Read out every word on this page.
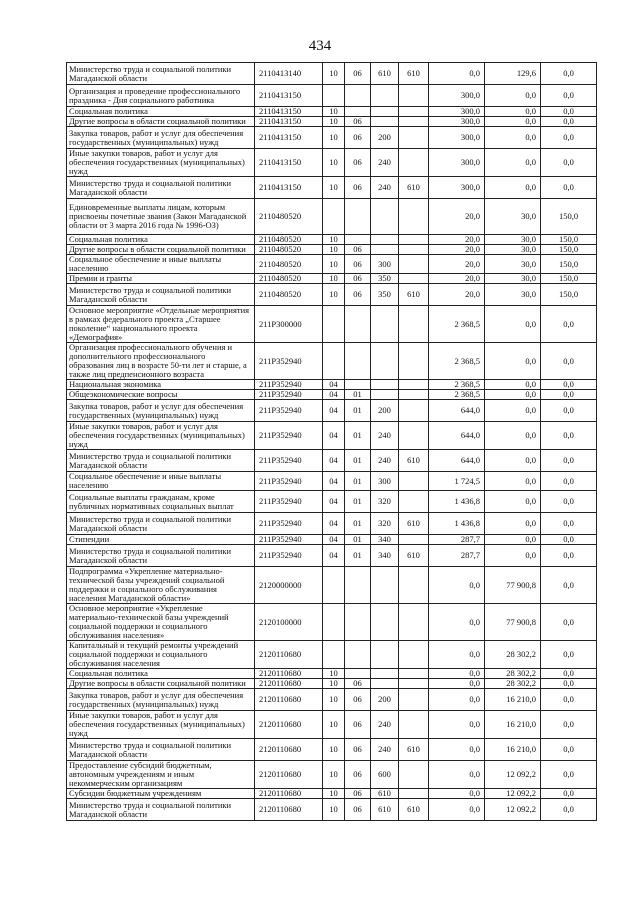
434
Министерство труда и социальной политики Магаданской области	2110413140	10	06	610	610	0,0	129,6	0,0
Организация и проведение профессионального праздника - Дня социального работника	2110413150					300,0	0,0	0,0
Социальная политика	2110413150	10				300,0	0,0	0,0
Другие вопросы в области социальной политики	2110413150	10	06			300,0	0,0	0,0
Закупка товаров, работ и услуг для обеспечения государственных (муниципальных) нужд	2110413150	10	06	200		300,0	0,0	0,0
Иные закупки товаров, работ и услуг для обеспечения государственных (муниципальных) нужд	2110413150	10	06	240		300,0	0,0	0,0
Министерство труда и социальной политики Магаданской области	2110413150	10	06	240	610	300,0	0,0	0,0
Единовременные выплаты лицам, которым присвоены почетные звания (Закон Магаданской области от 3 марта 2016 года № 1996-ОЗ)	2110480520					20,0	30,0	150,0
Социальная политика	2110480520	10				20,0	30,0	150,0
Другие вопросы в области социальной политики	2110480520	10	06			20,0	30,0	150,0
Социальное обеспечение и иные выплаты населению	2110480520	10	06	300		20,0	30,0	150,0
Премии и гранты	2110480520	10	06	350		20,0	30,0	150,0
Министерство труда и социальной политики Магаданской области	2110480520	10	06	350	610	20,0	30,0	150,0
Основное мероприятие «Отдельные мероприятия в рамках федерального проекта „Старшее поколение“ национального проекта «Демография»	211P300000					2 368,5	0,0	0,0
Организация профессионального обучения и дополнительного профессионального образования лиц в возрасте 50-ти лет и старше, а также лиц предпенсионного возраста	211P352940					2 368,5	0,0	0,0
Национальная экономика	211P352940	04				2 368,5	0,0	0,0
Общеэкономические вопросы	211P352940	04	01			2 368,5	0,0	0,0
Закупка товаров, работ и услуг для обеспечения государственных (муниципальных) нужд	211P352940	04	01	200		644,0	0,0	0,0
Иные закупки товаров, работ и услуг для обеспечения государственных (муниципальных) нужд	211P352940	04	01	240		644,0	0,0	0,0
Министерство труда и социальной политики Магаданской области	211P352940	04	01	240	610	644,0	0,0	0,0
Социальное обеспечение и иные выплаты населению	211P352940	04	01	300		1 724,5	0,0	0,0
Социальные выплаты гражданам, кроме публичных нормативных социальных выплат	211P352940	04	01	320		1 436,8	0,0	0,0
Министерство труда и социальной политики Магаданской области	211P352940	04	01	320	610	1 436,8	0,0	0,0
Стипендии	211P352940	04	01	340		287,7	0,0	0,0
Министерство труда и социальной политики Магаданской области	211P352940	04	01	340	610	287,7	0,0	0,0
Подпрограмма «Укрепление материально-технической базы учреждений социальной поддержки и социального обслуживания населения Магаданской области»	2120000000					0,0	77 900,8	0,0
Основное мероприятие «Укрепление материально-технической базы учреждений социальной поддержки и социального обслуживания населения»	2120100000					0,0	77 900,8	0,0
Капитальный и текущий ремонты учреждений социальной поддержки и социального обслуживания населения	2120110680					0,0	28 302,2	0,0
Социальная политика	2120110680	10				0,0	28 302,2	0,0
Другие вопросы в области социальной политики	2120110680	10	06			0,0	28 302,2	0,0
Закупка товаров, работ и услуг для обеспечения государственных (муниципальных) нужд	2120110680	10	06	200		0,0	16 210,0	0,0
Иные закупки товаров, работ и услуг для обеспечения государственных (муниципальных) нужд	2120110680	10	06	240		0,0	16 210,0	0,0
Министерство труда и социальной политики Магаданской области	2120110680	10	06	240	610	0,0	16 210,0	0,0
Предоставление субсидий бюджетным, автономным учреждениям и иным некоммерческим организациям	2120110680	10	06	600		0,0	12 092,2	0,0
Субсидии бюджетным учреждениям	2120110680	10	06	610		0,0	12 092,2	0,0
Министерство труда и социальной политики Магаданской области	2120110680	10	06	610	610	0,0	12 092,2	0,0
